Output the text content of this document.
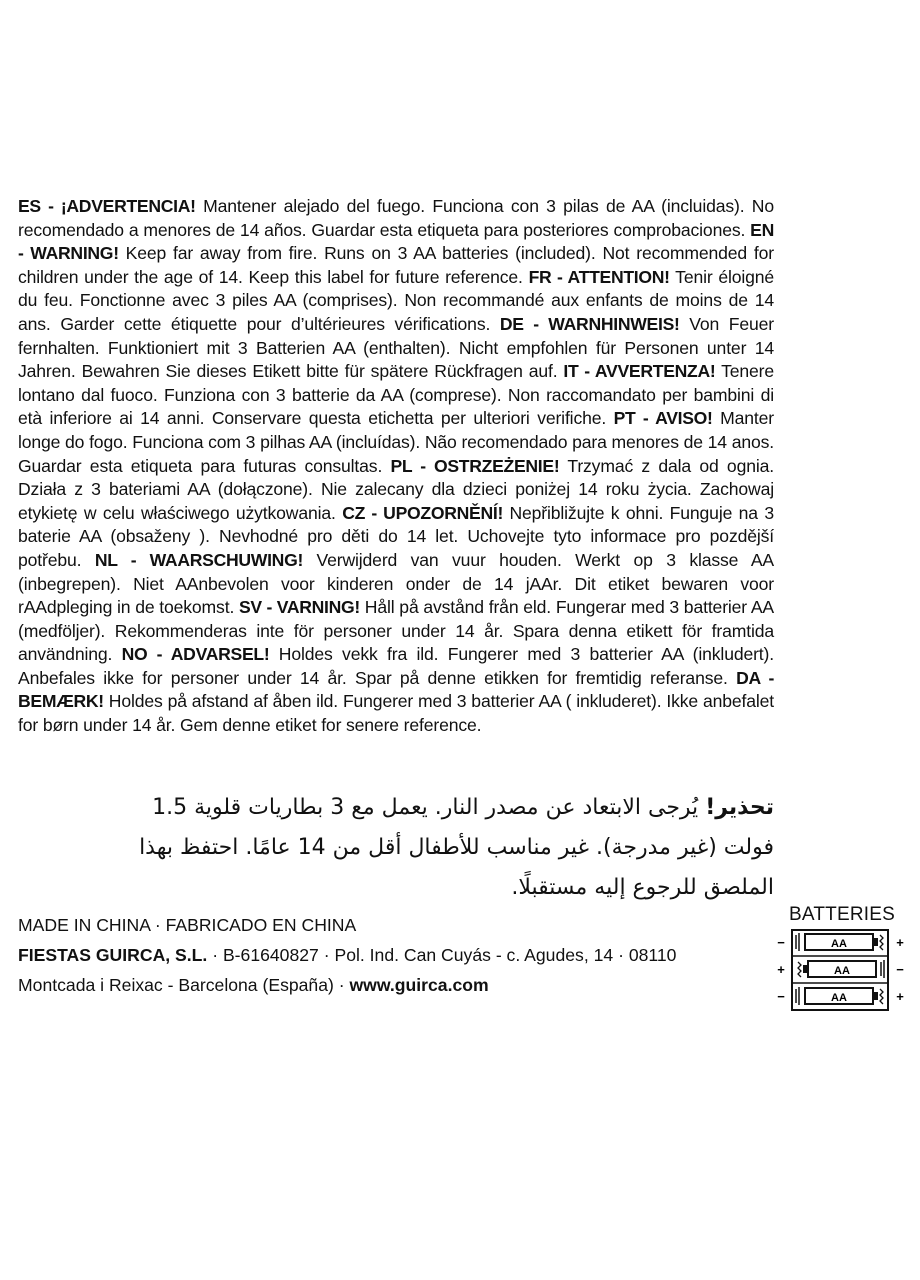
ES - ¡ADVERTENCIA! Mantener alejado del fuego. Funciona con 3 pilas de AA (incluidas). No recomendado a menores de 14 años. Guardar esta etiqueta para posteriores comprobaciones. EN - WARNING! Keep far away from fire. Runs on 3 AA batteries (included). Not recommended for children under the age of 14. Keep this label for future reference. FR - ATTENTION! Tenir éloigné du feu. Fonctionne avec 3 piles AA (comprises). Non recommandé aux enfants de moins de 14 ans. Garder cette étiquette pour d’ultérieures vérifications. DE - WARNHINWEIS! Von Feuer fernhalten. Funktioniert mit 3 Batterien AA (enthalten). Nicht empfohlen für Personen unter 14 Jahren. Bewahren Sie dieses Etikett bitte für spätere Rückfragen auf. IT - AVVERTENZA! Tenere lontano dal fuoco. Funziona con 3 batterie da AA (comprese). Non raccomandato per bambini di età inferiore ai 14 anni. Conservare questa etichetta per ulteriori verifiche. PT - AVISO! Manter longe do fogo. Funciona com 3 pilhas AA (incluídas). Não recomendado para menores de 14 anos. Guardar esta etiqueta para futuras consultas. PL - OSTRZEŻENIE! Trzymać z dala od ognia. Działa z 3 bateriami AA (dołączone). Nie zalecany dla dzieci poniżej 14 roku życia. Zachowaj etykietę w celu właściwego użytkowania. CZ - UPOZORNĚNÍ! Nepřibližujte k ohni. Funguje na 3 baterie AA (obsaženy ). Nevhodné pro děti do 14 let. Uchovejte tyto informace pro pozdější potřebu. NL - WAARSCHUWING! Verwijderd van vuur houden. Werkt op 3 klasse AA (inbegrepen). Niet AAnbevolen voor kinderen onder de 14 jAAr. Dit etiket bewaren voor rAAdpleging in de toekomst. SV - VARNING! Håll på avstånd från eld. Fungerar med 3 batterier AA (medföljer). Rekommenderas inte för personer under 14 år. Spara denna etikett för framtida användning. NO - ADVARSEL! Holdes vekk fra ild. Fungerer med 3 batterier AA (inkludert). Anbefales ikke for personer under 14 år. Spar på denne etikken for fremtidig referanse. DA - BEMÆRK! Holdes på afstand af åben ild. Fungerer med 3 batterier AA ( inkluderet). Ikke anbefalet for børn under 14 år. Gem denne etiket for senere reference.
تحذير! يُرجى الابتعاد عن مصدر النار. يعمل مع 3 بطاريات قلوية 1.5 فولت (غير مدرجة). غير مناسب للأطفال أقل من 14 عامًا. احتفظ بهذا الملصق للرجوع إليه مستقبلًا.
MADE IN CHINA · FABRICADO EN CHINA
FIESTAS GUIRCA, S.L. · B-61640827 · Pol. Ind. Can Cuyás - c. Agudes, 14 · 08110
Montcada i Reixac - Barcelona (España) · www.guirca.com
BATTERIES
AA
−	+
AA
+	−
AA
−	+
